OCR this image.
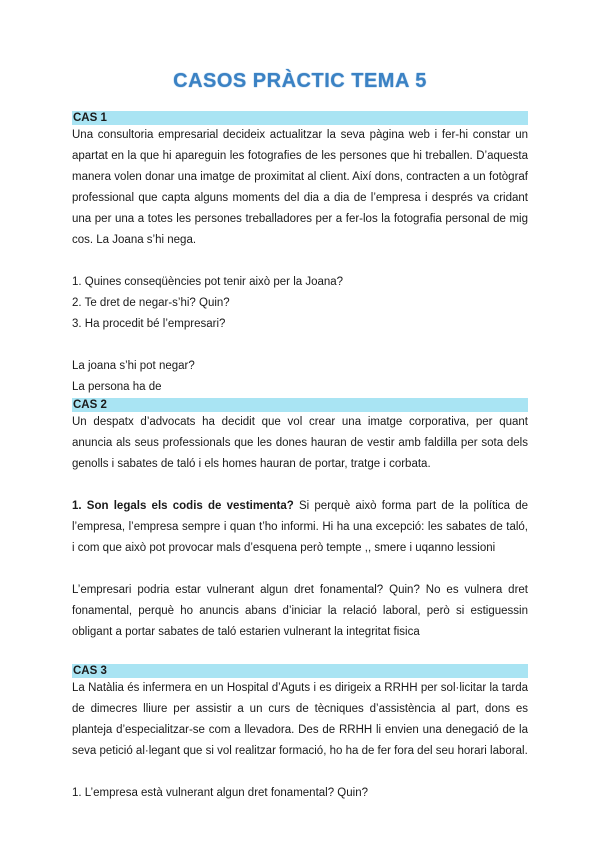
CASOS PRÀCTIC TEMA 5
CAS 1

Una consultoria empresarial decideix actualitzar la seva pàgina web i fer-hi constar un apartat en la que hi apareguin les fotografies de les persones que hi treballen. D’aquesta manera volen donar una imatge de proximitat al client. Així dons, contracten a un fotògraf professional que capta alguns moments del dia a dia de l’empresa i després va cridant una per una a totes les persones treballadores per a fer-los la fotografia personal de mig cos. La Joana s’hi nega.

1. Quines conseqüències pot tenir això per la Joana?

2. Te dret de negar-s’hi? Quin?

3. Ha procedit bé l’empresari?

La joana s’hi pot negar?

La persona ha de

CAS 2

Un despatx d’advocats ha decidit que vol crear una imatge corporativa, per quant anuncia als seus professionals que les dones hauran de vestir amb faldilla per sota dels genolls i sabates de taló i els homes hauran de portar, tratge i corbata.

1. Son legals els codis de vestimenta? Si perquè això forma part de la política de l’empresa, l’empresa sempre i quan t’ho informi. Hi ha una excepció: les sabates de taló, i com que això pot provocar mals d’esquena però tempte ,, smere i uqanno lessioni

L’empresari podria estar vulnerant algun dret fonamental? Quin? No es vulnera dret fonamental, perquè ho anuncis abans d’iniciar la relació laboral, però si estiguessin obligant a portar sabates de taló estarien vulnerant la integritat fisica

CAS 3

La Natàlia és infermera en un Hospital d’Aguts i es dirigeix a RRHH per sol·licitar la tarda de dimecres lliure per assistir a un curs de tècniques d’assistència al part, dons es planteja d’especialitzar-se com a llevadora. Des de RRHH li envien una denegació de la seva petició al·legant que si vol realitzar formació, ho ha de fer fora del seu horari laboral.

1. L’empresa està vulnerant algun dret fonamental? Quin?
